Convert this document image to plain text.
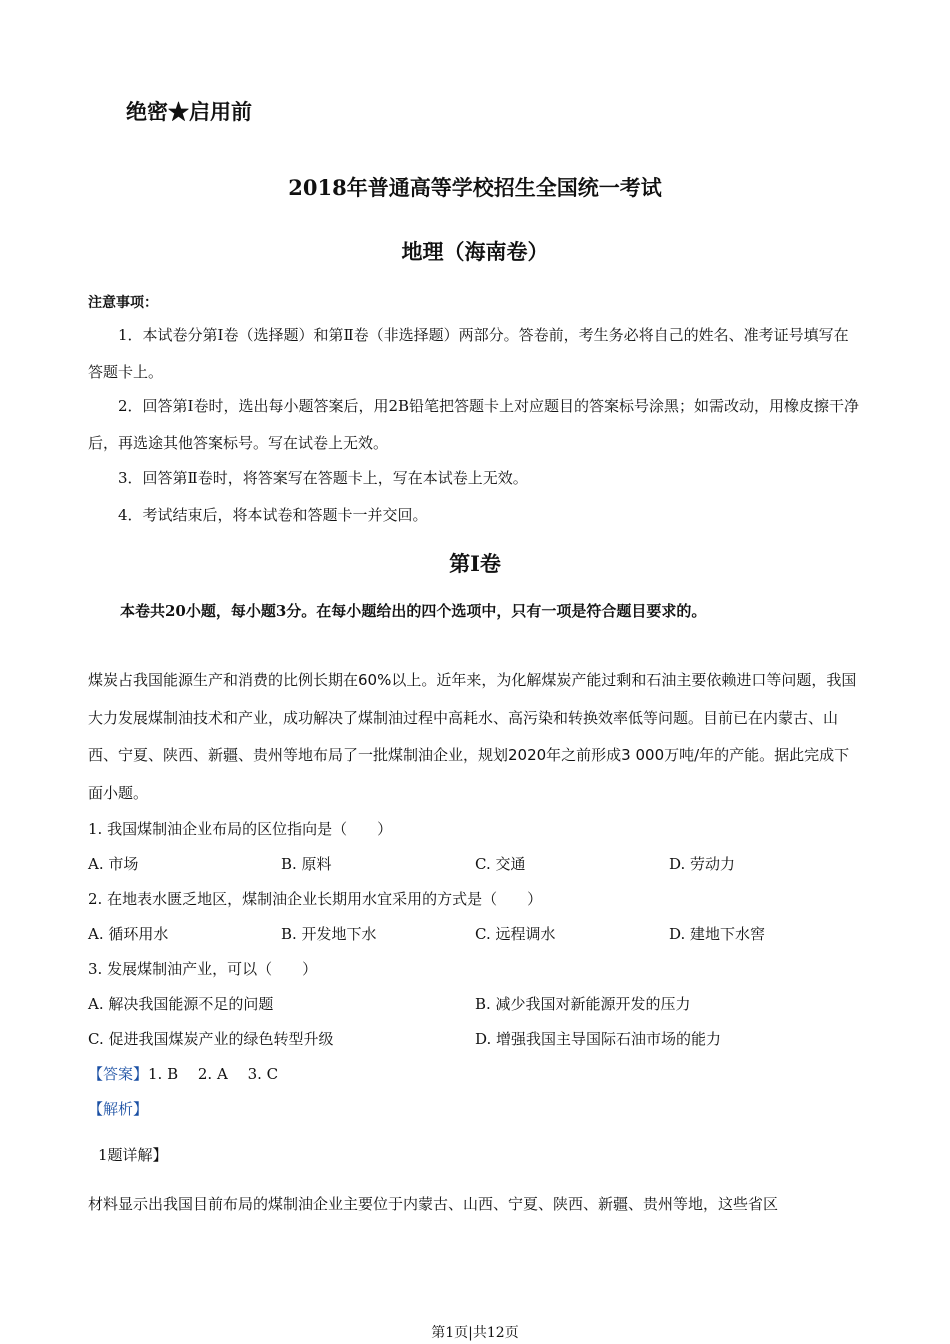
绝密★启用前
2018年普通高等学校招生全国统一考试
地理（海南卷）
注意事项：
1．本试卷分第Ⅰ卷（选择题）和第Ⅱ卷（非选择题）两部分。答卷前，考生务必将自己的姓名、准考证号填写在答题卡上。
2．回答第Ⅰ卷时，选出每小题答案后，用2B铅笔把答题卡上对应题目的答案标号涂黑；如需改动，用橡皮擦干净后，再选途其他答案标号。写在试卷上无效。
3．回答第Ⅱ卷时，将答案写在答题卡上，写在本试卷上无效。
4．考试结束后，将本试卷和答题卡一并交回。
第Ⅰ卷
本卷共20小题，每小题3分。在每小题给出的四个选项中，只有一项是符合题目要求的。
煤炭占我国能源生产和消费的比例长期在60%以上。近年来，为化解煤炭产能过剩和石油主要依赖进口等问题，我国大力发展煤制油技术和产业，成功解决了煤制油过程中高耗水、高污染和转换效率低等问题。目前已在内蒙古、山西、宁夏、陕西、新疆、贵州等地布局了一批煤制油企业，规划2020年之前形成3 000万吨/年的产能。据此完成下面小题。
1. 我国煤制油企业布局的区位指向是（　　）
A. 市场	B. 原料	C. 交通	D. 劳动力
2. 在地表水匮乏地区，煤制油企业长期用水宜采用的方式是（　　）
A. 循环用水	B. 开发地下水	C. 远程调水	D. 建地下水窖
3. 发展煤制油产业，可以（　　）
A. 解决我国能源不足的问题	B. 减少我国对新能源开发的压力
C. 促进我国煤炭产业的绿色转型升级	D. 增强我国主导国际石油市场的能力
【答案】1. B　 2. A　 3. C
【解析】
1题详解】
材料显示出我国目前布局的煤制油企业主要位于内蒙古、山西、宁夏、陕西、新疆、贵州等地，这些省区
第1页|共12页
